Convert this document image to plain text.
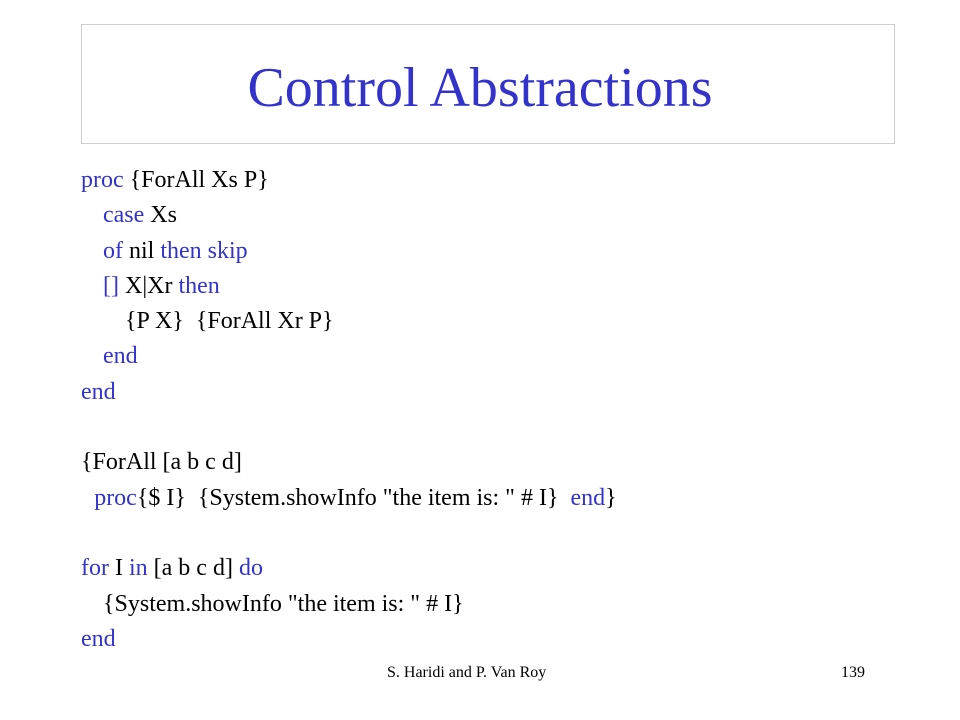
Control Abstractions
proc {ForAll Xs P}
case Xs
of nil then skip
[] X|Xr then
{P X}  {ForAll Xr P}
end
end
{ForAll [a b c d]
proc{$ I}  {System.showInfo "the item is: " # I}  end}
for I in [a b c d] do
{System.showInfo "the item is: " # I}
end
S. Haridi and P. Van Roy	139
